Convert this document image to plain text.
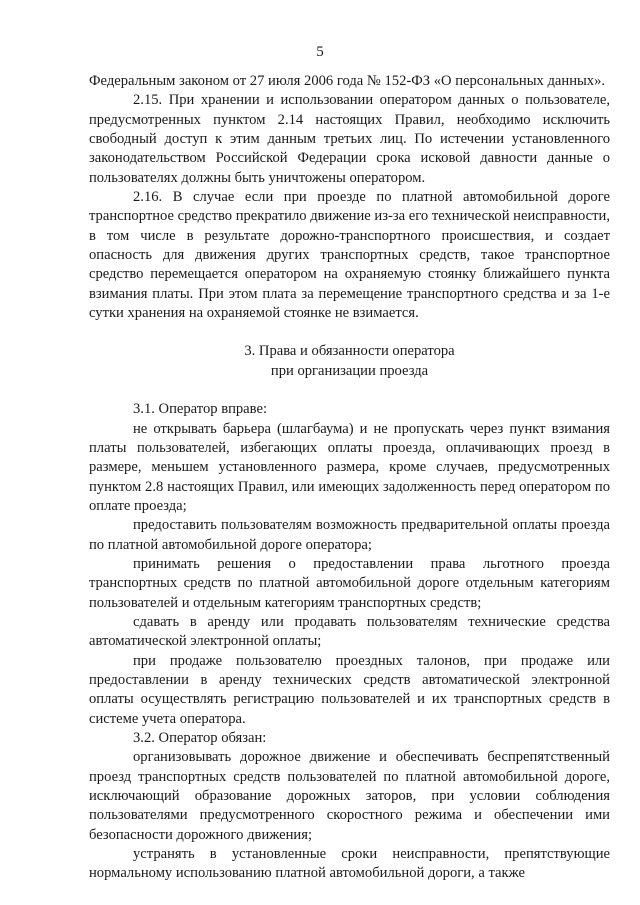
5

Федеральным законом от 27 июля 2006 года № 152-ФЗ «О персональных данных».

2.15. При хранении и использовании оператором данных о пользователе, предусмотренных пунктом 2.14 настоящих Правил, необходимо исключить свободный доступ к этим данным третьих лиц. По истечении установленного законодательством Российской Федерации срока исковой давности данные о пользователях должны быть уничтожены оператором.

2.16. В случае если при проезде по платной автомобильной дороге транспортное средство прекратило движение из-за его технической неисправности, в том числе в результате дорожно-транспортного происшествия, и создает опасность для движения других транспортных средств, такое транспортное средство перемещается оператором на охраняемую стоянку ближайшего пункта взимания платы. При этом плата за перемещение транспортного средства и за 1-е сутки хранения на охраняемой стоянке не взимается.

3. Права и обязанности оператора
при организации проезда

3.1. Оператор вправе:

не открывать барьера (шлагбаума) и не пропускать через пункт взимания платы пользователей, избегающих оплаты проезда, оплачивающих проезд в размере, меньшем установленного размера, кроме случаев, предусмотренных пунктом 2.8 настоящих Правил, или имеющих задолженность перед оператором по оплате проезда;

предоставить пользователям возможность предварительной оплаты проезда по платной автомобильной дороге оператора;

принимать решения о предоставлении права льготного проезда транспортных средств по платной автомобильной дороге отдельным категориям пользователей и отдельным категориям транспортных средств;

сдавать в аренду или продавать пользователям технические средства автоматической электронной оплаты;

при продаже пользователю проездных талонов, при продаже или предоставлении в аренду технических средств автоматической электронной оплаты осуществлять регистрацию пользователей и их транспортных средств в системе учета оператора.

3.2. Оператор обязан:

организовывать дорожное движение и обеспечивать беспрепятственный проезд транспортных средств пользователей по платной автомобильной дороге, исключающий образование дорожных заторов, при условии соблюдения пользователями предусмотренного скоростного режима и обеспечении ими безопасности дорожного движения;

устранять в установленные сроки неисправности, препятствующие нормальному использованию платной автомобильной дороги, а также
